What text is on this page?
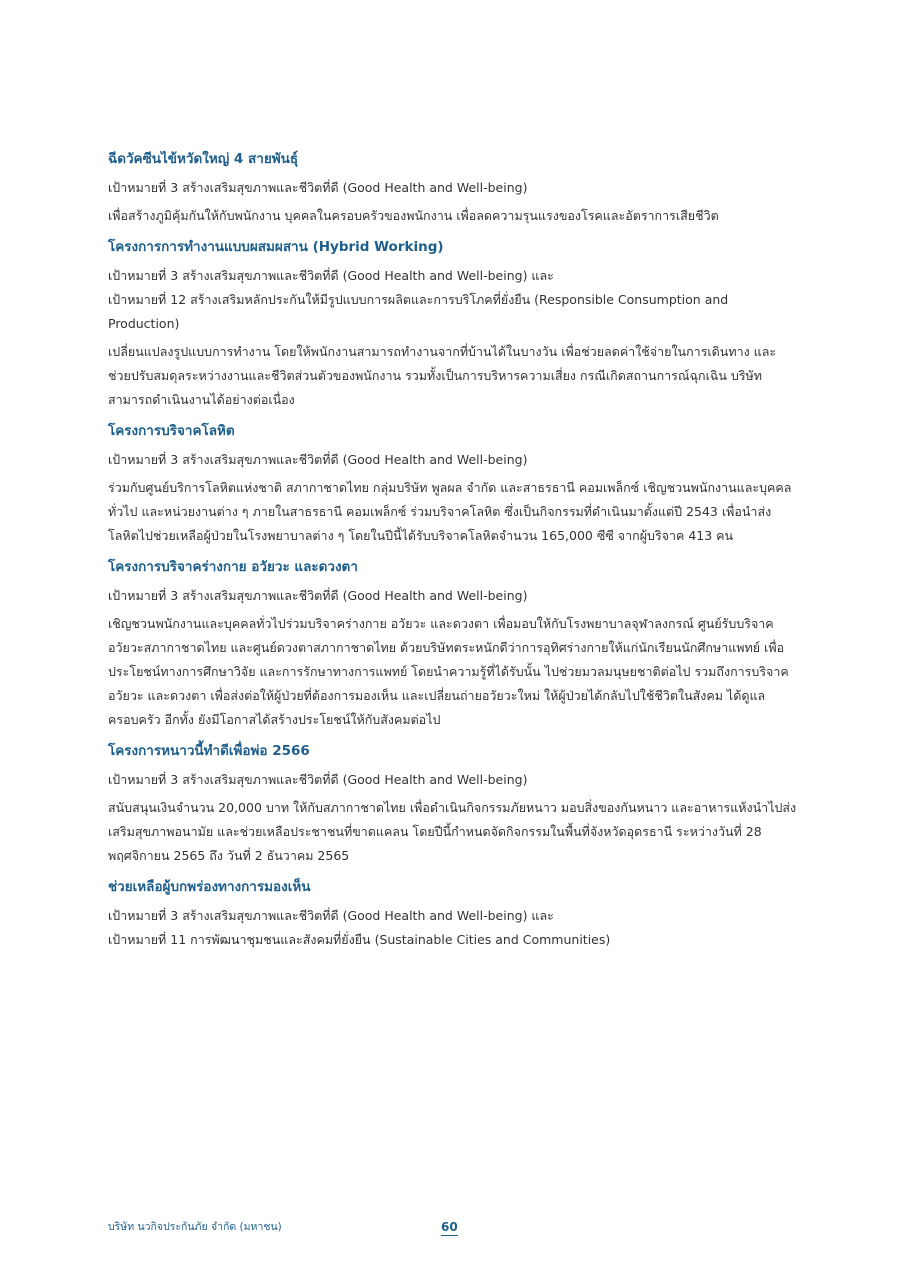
ฉีดวัคซีนไข้หวัดใหญ่ 4 สายพันธุ์

เป้าหมายที่ 3 สร้างเสริมสุขภาพและชีวิตที่ดี (Good Health and Well-being)

เพื่อสร้างภูมิคุ้มกันให้กับพนักงาน บุคคลในครอบครัวของพนักงาน เพื่อลดความรุนแรงของโรคและอัตราการเสียชีวิต

โครงการการทำงานแบบผสมผสาน (Hybrid Working)

เป้าหมายที่ 3 สร้างเสริมสุขภาพและชีวิตที่ดี (Good Health and Well-being) และ

เป้าหมายที่ 12 สร้างเสริมหลักประกันให้มีรูปแบบการผลิตและการบริโภคที่ยั่งยืน (Responsible Consumption and Production)

เปลี่ยนแปลงรูปแบบการทำงาน โดยให้พนักงานสามารถทำงานจากที่บ้านได้ในบางวัน เพื่อช่วยลดค่าใช้จ่ายในการเดินทาง และช่วยปรับสมดุลระหว่างงานและชีวิตส่วนตัวของพนักงาน รวมทั้งเป็นการบริหารความเสี่ยง กรณีเกิดสถานการณ์ฉุกเฉิน บริษัทสามารถดำเนินงานได้อย่างต่อเนื่อง

โครงการบริจาคโลหิต

เป้าหมายที่ 3 สร้างเสริมสุขภาพและชีวิตที่ดี (Good Health and Well-being)

ร่วมกับศูนย์บริการโลหิตแห่งชาติ สภากาชาดไทย กลุ่มบริษัท พูลผล จำกัด และสาธรธานี คอมเพล็กซ์ เชิญชวนพนักงานและบุคคลทั่วไป และหน่วยงานต่าง ๆ ภายในสาธรธานี คอมเพล็กซ์ ร่วมบริจาคโลหิต ซึ่งเป็นกิจกรรมที่ดำเนินมาตั้งแต่ปี 2543 เพื่อนำส่งโลหิตไปช่วยเหลือผู้ป่วยในโรงพยาบาลต่าง ๆ โดยในปีนี้ได้รับบริจาคโลหิตจำนวน 165,000 ซีซี จากผู้บริจาค 413 คน

โครงการบริจาคร่างกาย อวัยวะ และดวงตา

เป้าหมายที่ 3 สร้างเสริมสุขภาพและชีวิตที่ดี (Good Health and Well-being)

เชิญชวนพนักงานและบุคคลทั่วไปร่วมบริจาคร่างกาย อวัยวะ และดวงตา เพื่อมอบให้กับโรงพยาบาลจุฬาลงกรณ์ ศูนย์รับบริจาคอวัยวะสภากาชาดไทย และศูนย์ดวงตาสภากาชาดไทย ด้วยบริษัทตระหนักดีว่าการอุทิศร่างกายให้แก่นักเรียนนักศึกษาแพทย์ เพื่อประโยชน์ทางการศึกษาวิจัย และการรักษาทางการแพทย์ โดยนำความรู้ที่ได้รับนั้น ไปช่วยมวลมนุษยชาติต่อไป รวมถึงการบริจาคอวัยวะ และดวงตา เพื่อส่งต่อให้ผู้ป่วยที่ต้องการมองเห็น และเปลี่ยนถ่ายอวัยวะใหม่ ให้ผู้ป่วยได้กลับไปใช้ชีวิตในสังคม ได้ดูแลครอบครัว อีกทั้ง ยังมีโอกาสได้สร้างประโยชน์ให้กับสังคมต่อไป

โครงการหนาวนี้ทำดีเพื่อพ่อ 2566

เป้าหมายที่ 3 สร้างเสริมสุขภาพและชีวิตที่ดี (Good Health and Well-being)

สนับสนุนเงินจำนวน 20,000 บาท ให้กับสภากาชาดไทย เพื่อดำเนินกิจกรรมภัยหนาว มอบสิ่งของกันหนาว และอาหารแห้งนำไปส่งเสริมสุขภาพอนามัย และช่วยเหลือประชาชนที่ขาดแคลน โดยปีนี้กำหนดจัดกิจกรรมในพื้นที่จังหวัดอุดรธานี ระหว่างวันที่ 28 พฤศจิกายน 2565 ถึง วันที่ 2 ธันวาคม 2565

ช่วยเหลือผู้บกพร่องทางการมองเห็น

เป้าหมายที่ 3 สร้างเสริมสุขภาพและชีวิตที่ดี (Good Health and Well-being) และ

เป้าหมายที่ 11 การพัฒนาชุมชนและสังคมที่ยั่งยืน (Sustainable Cities and Communities)

บริษัท นวกิจประกันภัย จำกัด (มหาชน)	60
